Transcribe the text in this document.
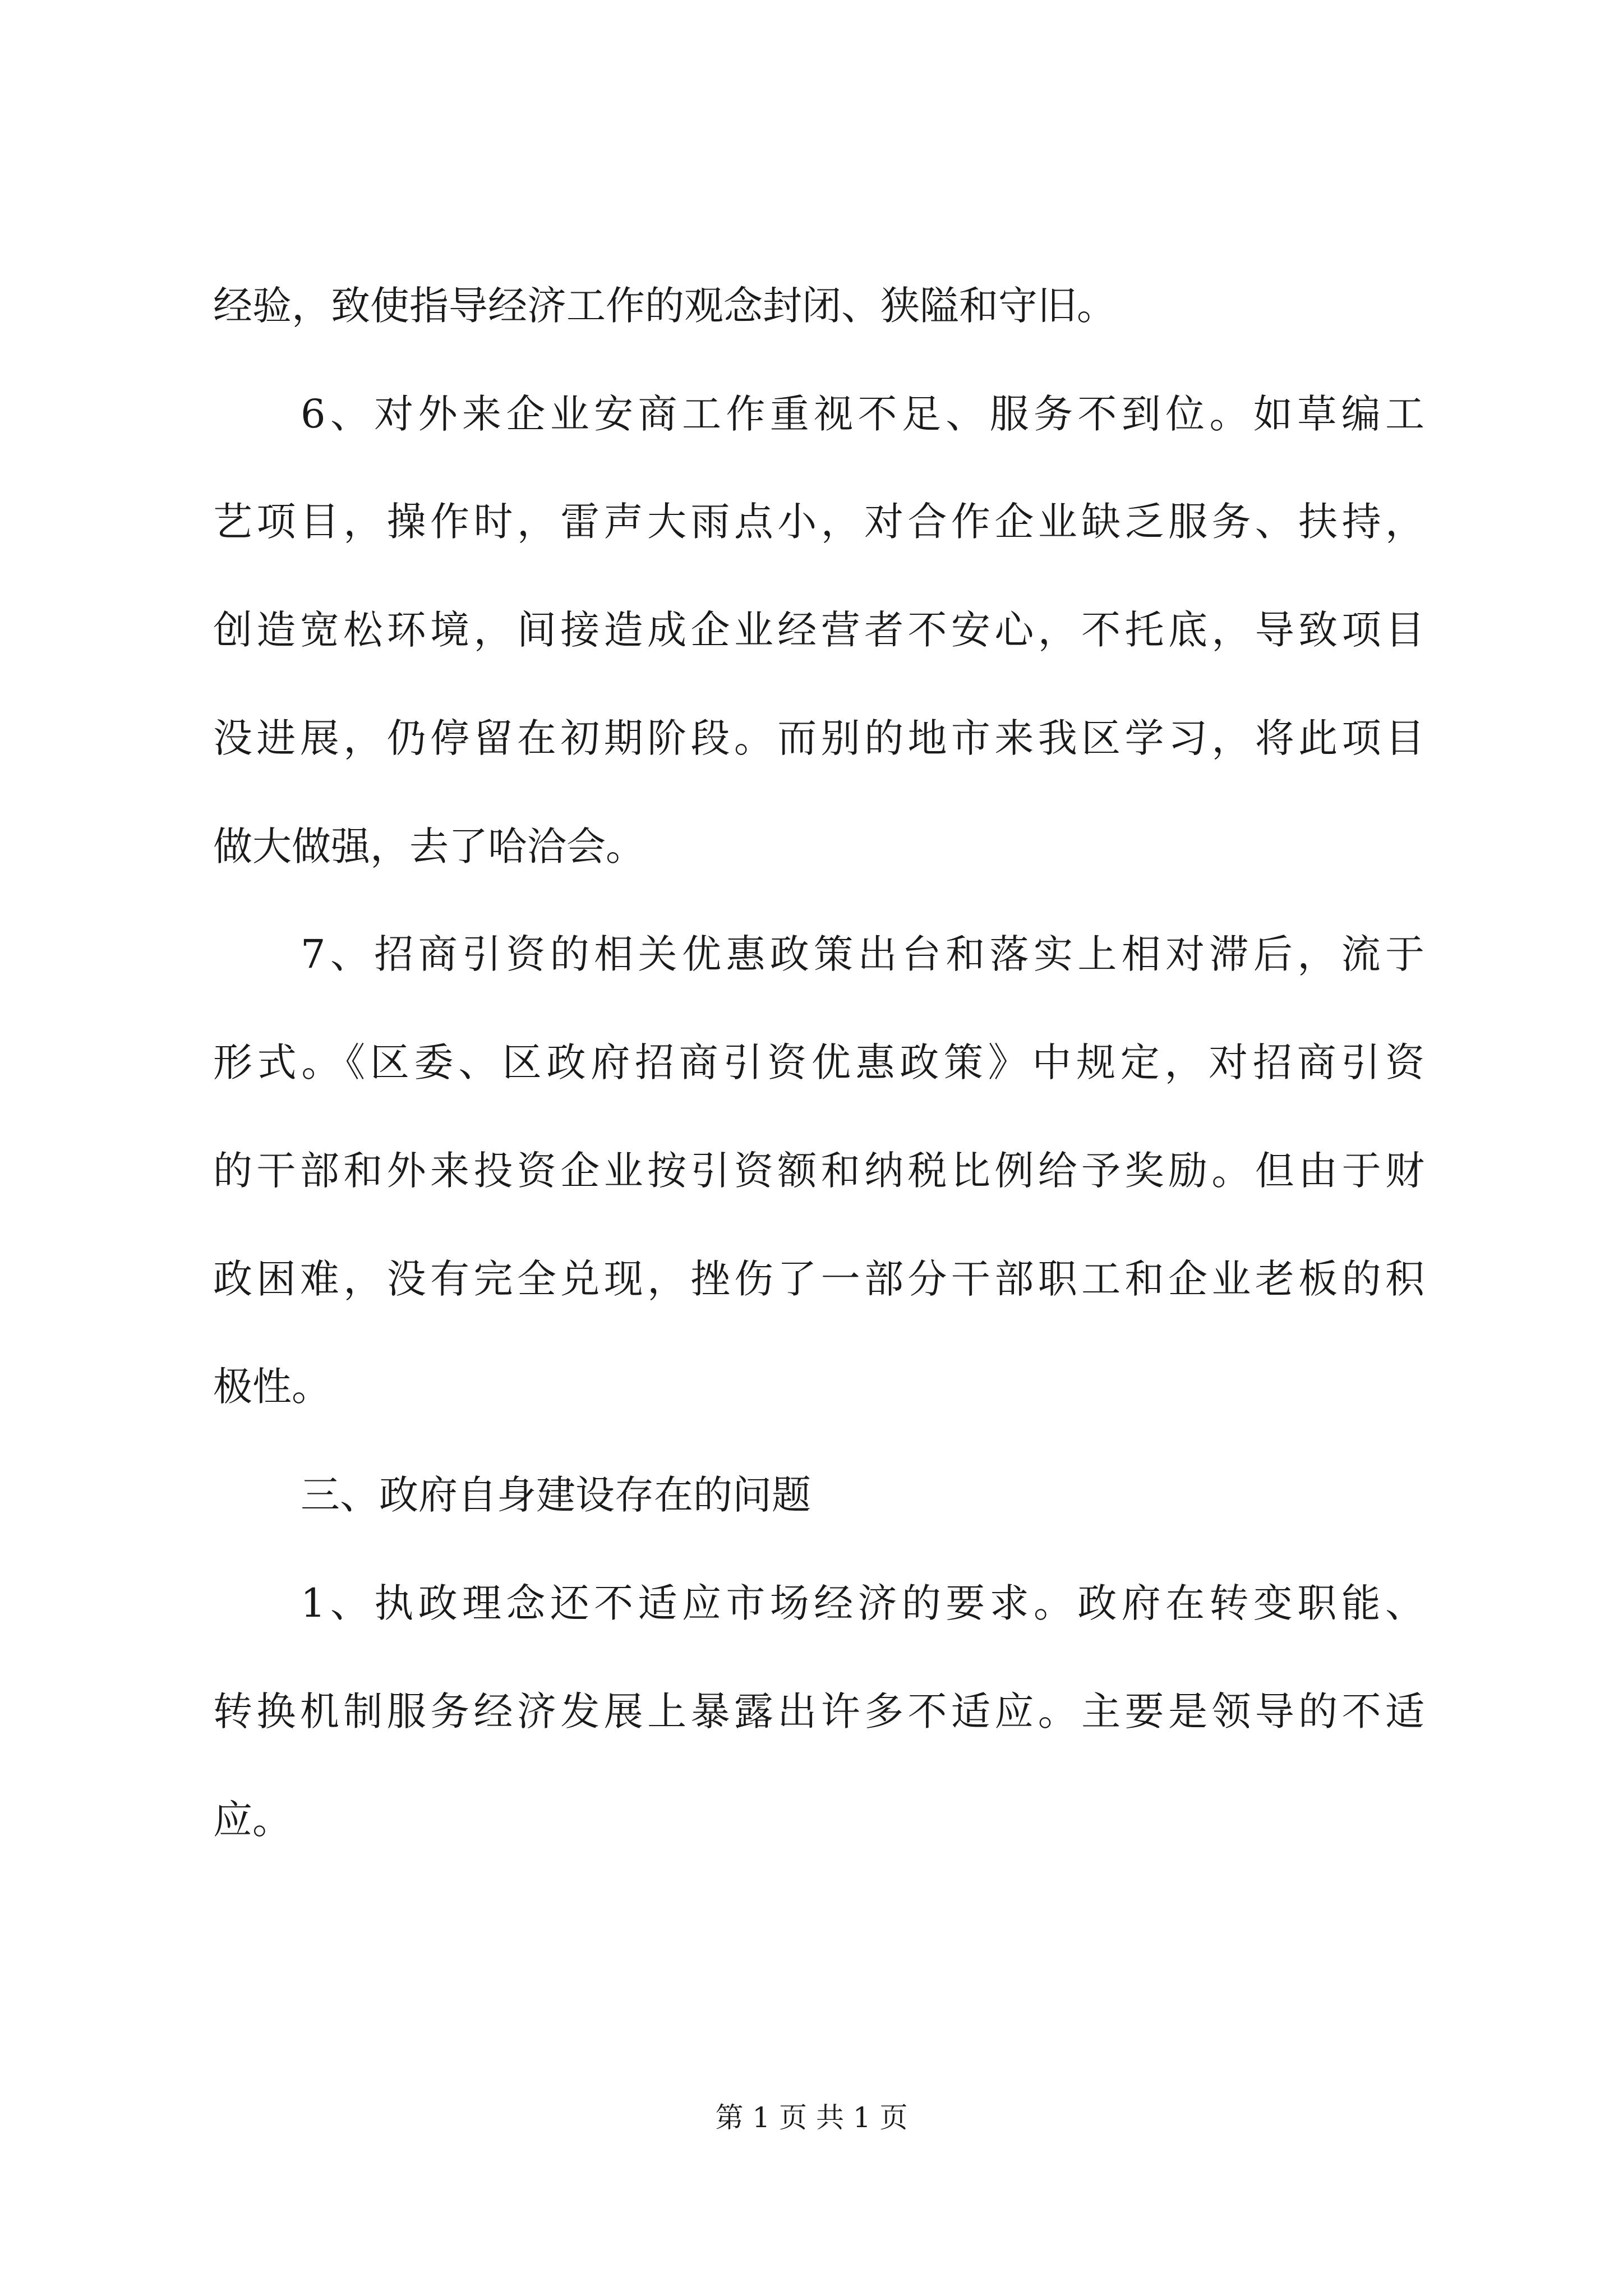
经验，致使指导经济工作的观念封闭、狭隘和守旧。
6、对外来企业安商工作重视不足、服务不到位。如草编工
艺项目，操作时，雷声大雨点小，对合作企业缺乏服务、扶持，
创造宽松环境，间接造成企业经营者不安心，不托底，导致项目
没进展，仍停留在初期阶段。而别的地市来我区学习，将此项目
做大做强，去了哈洽会。
7、招商引资的相关优惠政策出台和落实上相对滞后，流于
形式。《区委、区政府招商引资优惠政策》中规定，对招商引资
的干部和外来投资企业按引资额和纳税比例给予奖励。但由于财
政困难，没有完全兑现，挫伤了一部分干部职工和企业老板的积
极性。
三、政府自身建设存在的问题
1、执政理念还不适应市场经济的要求。政府在转变职能、
转换机制服务经济发展上暴露出许多不适应。主要是领导的不适
应。
第 1 页 共 1 页
